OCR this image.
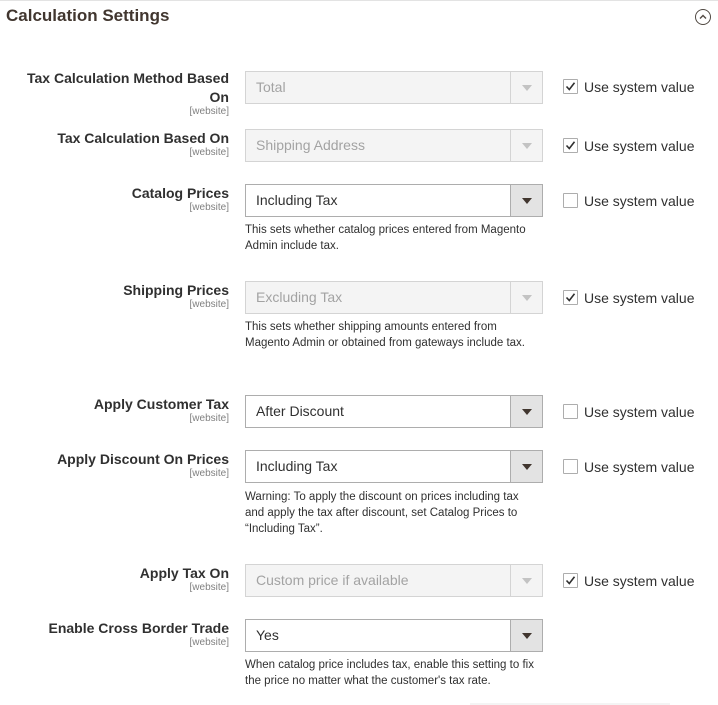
Calculation Settings
Tax Calculation Method Based On
[website]
Total	Use system value
Tax Calculation Based On
[website] Shipping Address	Use system value
Catalog Prices
[website] Including Tax	Use system value
This sets whether catalog prices entered from Magento Admin include tax.
Shipping Prices
[website] Excluding Tax	Use system value
This sets whether shipping amounts entered from Magento Admin or obtained from gateways include tax.
Apply Customer Tax
[website] After Discount	Use system value
Apply Discount On Prices
[website] Including Tax	Use system value
Warning: To apply the discount on prices including tax and apply the tax after discount, set Catalog Prices to “Including Tax”.
Apply Tax On
[website] Custom price if available	Use system value
Enable Cross Border Trade
[website] Yes
When catalog price includes tax, enable this setting to fix the price no matter what the customer's tax rate.
